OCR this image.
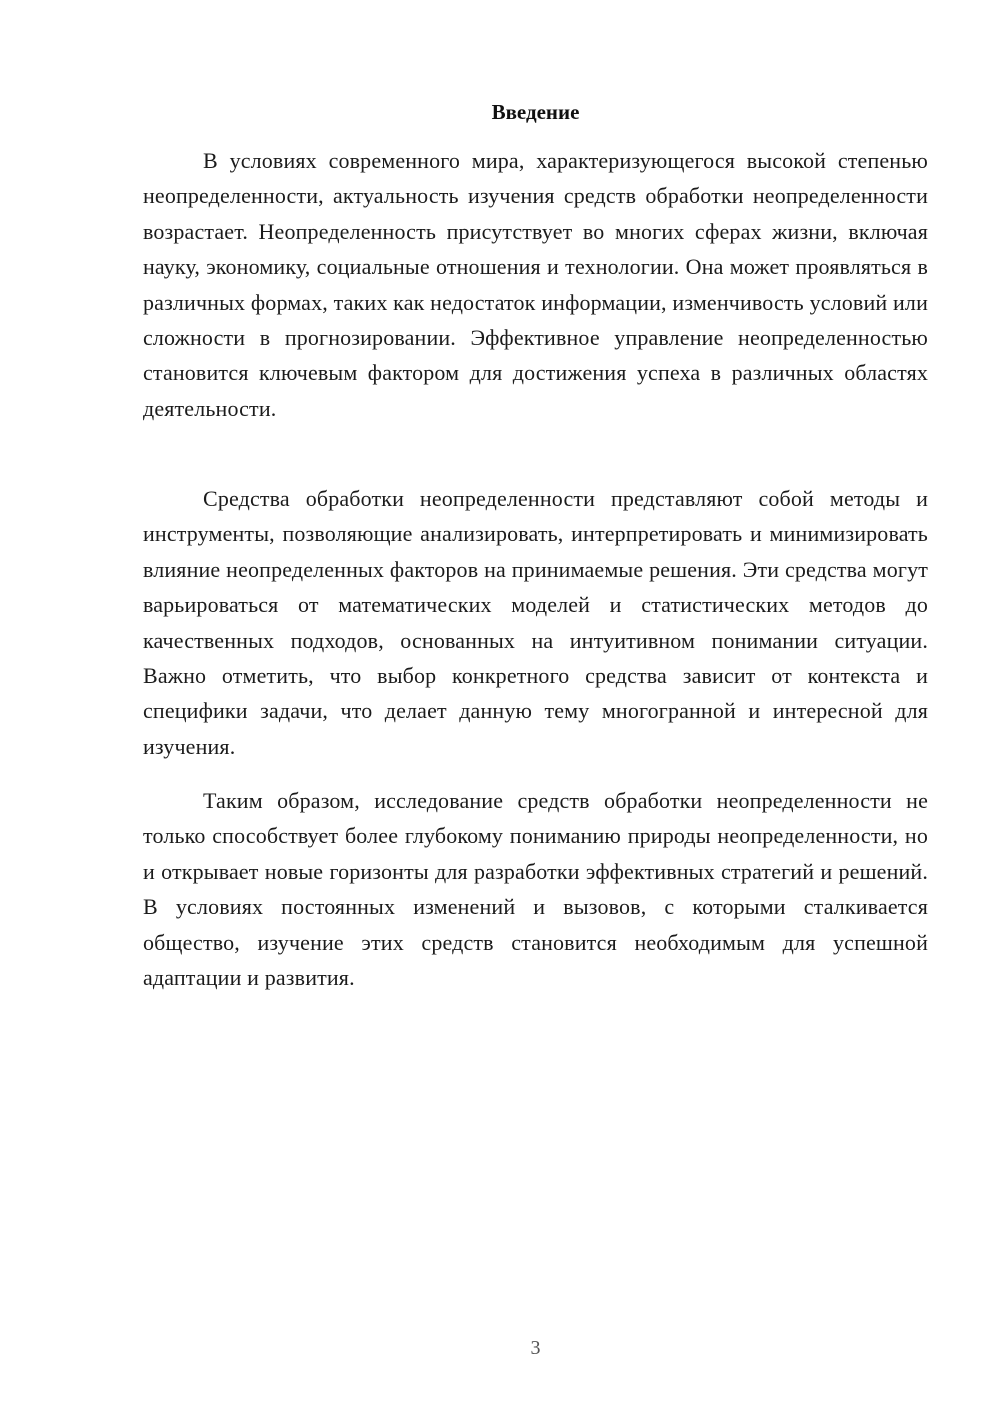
Введение

В условиях современного мира, характеризующегося высокой степенью неопределенности, актуальность изучения средств обработки неопределенности возрастает. Неопределенность присутствует во многих сферах жизни, включая науку, экономику, социальные отношения и технологии. Она может проявляться в различных формах, таких как недостаток информации, изменчивость условий или сложности в прогнозировании. Эффективное управление неопределенностью становится ключевым фактором для достижения успеха в различных областях деятельности.

Средства обработки неопределенности представляют собой методы и инструменты, позволяющие анализировать, интерпретировать и минимизировать влияние неопределенных факторов на принимаемые решения. Эти средства могут варьироваться от математических моделей и статистических методов до качественных подходов, основанных на интуитивном понимании ситуации. Важно отметить, что выбор конкретного средства зависит от контекста и специфики задачи, что делает данную тему многогранной и интересной для изучения.

Таким образом, исследование средств обработки неопределенности не только способствует более глубокому пониманию природы неопределенности, но и открывает новые горизонты для разработки эффективных стратегий и решений. В условиях постоянных изменений и вызовов, с которыми сталкивается общество, изучение этих средств становится необходимым для успешной адаптации и развития.

3
